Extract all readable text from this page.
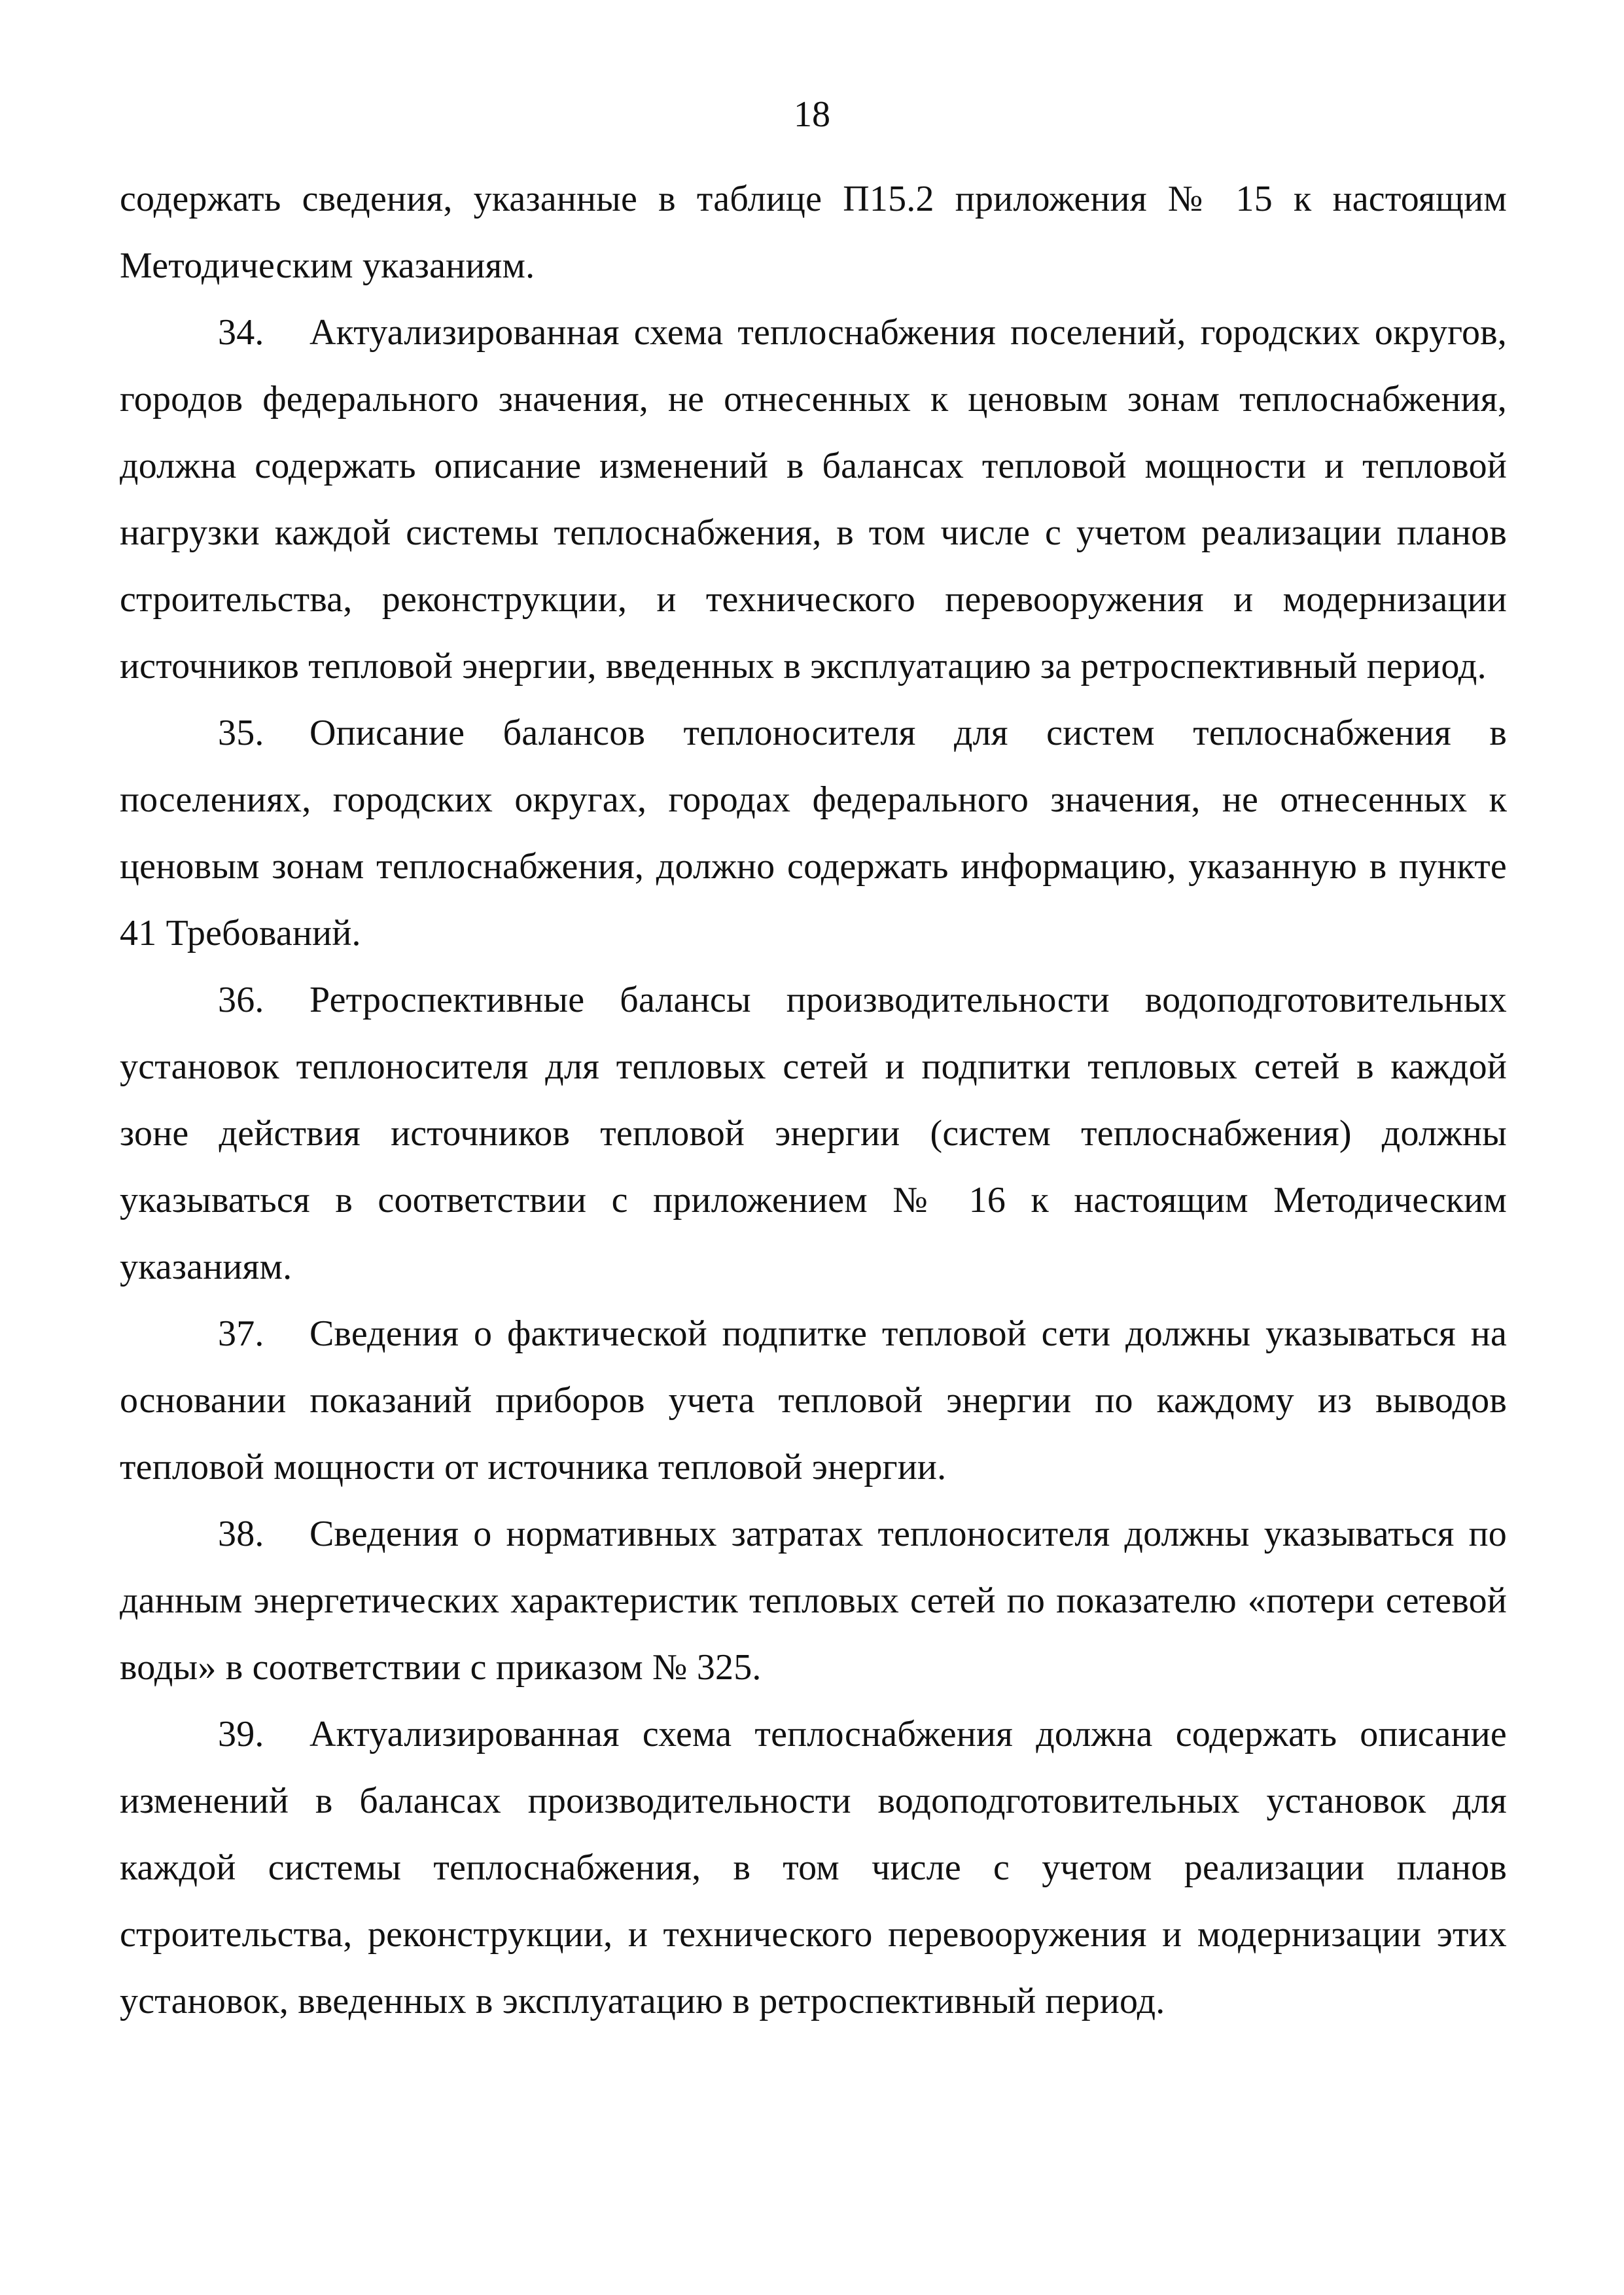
18

содержать сведения, указанные в таблице П15.2 приложения № 15 к настоящим Методическим указаниям.

34. Актуализированная схема теплоснабжения поселений, городских округов, городов федерального значения, не отнесенных к ценовым зонам теплоснабжения, должна содержать описание изменений в балансах тепловой мощности и тепловой нагрузки каждой системы теплоснабжения, в том числе с учетом реализации планов строительства, реконструкции, и технического перевооружения и модернизации источников тепловой энергии, введенных в эксплуатацию за ретроспективный период.

35. Описание балансов теплоносителя для систем теплоснабжения в поселениях, городских округах, городах федерального значения, не отнесенных к ценовым зонам теплоснабжения, должно содержать информацию, указанную в пункте 41 Требований.

36. Ретроспективные балансы производительности водоподготовительных установок теплоносителя для тепловых сетей и подпитки тепловых сетей в каждой зоне действия источников тепловой энергии (систем теплоснабжения) должны указываться в соответствии с приложением № 16 к настоящим Методическим указаниям.

37. Сведения о фактической подпитке тепловой сети должны указываться на основании показаний приборов учета тепловой энергии по каждому из выводов тепловой мощности от источника тепловой энергии.

38. Сведения о нормативных затратах теплоносителя должны указываться по данным энергетических характеристик тепловых сетей по показателю «потери сетевой воды» в соответствии с приказом № 325.

39. Актуализированная схема теплоснабжения должна содержать описание изменений в балансах производительности водоподготовительных установок для каждой системы теплоснабжения, в том числе с учетом реализации планов строительства, реконструкции, и технического перевооружения и модернизации этих установок, введенных в эксплуатацию в ретроспективный период.
